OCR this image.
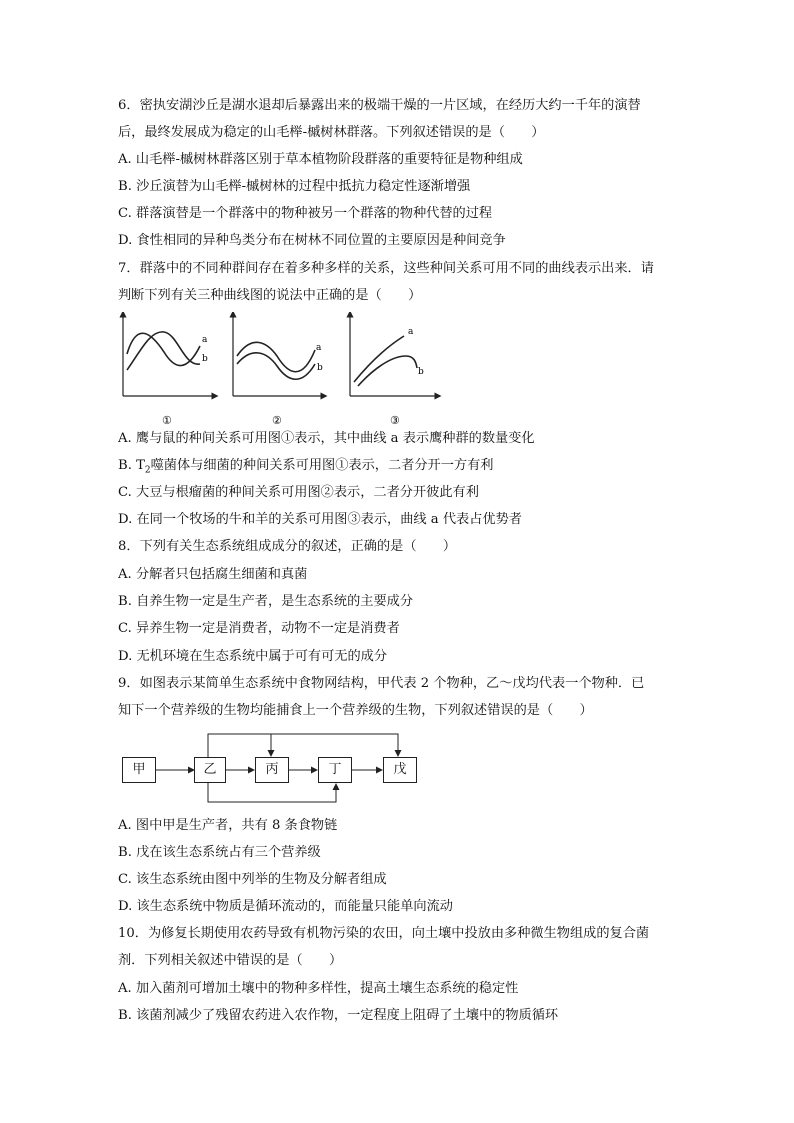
6．密执安湖沙丘是湖水退却后暴露出来的极端干燥的一片区域，在经历大约一千年的演替
后，最终发展成为稳定的山毛榉-槭树林群落。下列叙述错误的是（　　）
A. 山毛榉-槭树林群落区别于草本植物阶段群落的重要特征是物种组成
B. 沙丘演替为山毛榉-槭树林的过程中抵抗力稳定性逐渐增强
C. 群落演替是一个群落中的物种被另一个群落的物种代替的过程
D. 食性相同的异种鸟类分布在树林不同位置的主要原因是种间竞争
7．群落中的不同种群间存在着多种多样的关系，这些种间关系可用不同的曲线表示出来．请
判断下列有关三种曲线图的说法中正确的是（　　）
a
b
①
a
b
②
a
b
③
A. 鹰与鼠的种间关系可用图①表示，其中曲线 a 表示鹰种群的数量变化
B. $T_2$噬菌体与细菌的种间关系可用图①表示，二者分开一方有利
C. 大豆与根瘤菌的种间关系可用图②表示，二者分开彼此有利
D. 在同一个牧场的牛和羊的关系可用图③表示，曲线 a 代表占优势者
8．下列有关生态系统组成成分的叙述，正确的是（　　）
A. 分解者只包括腐生细菌和真菌
B. 自养生物一定是生产者，是生态系统的主要成分
C. 异养生物一定是消费者，动物不一定是消费者
D. 无机环境在生态系统中属于可有可无的成分
9．如图表示某简单生态系统中食物网结构，甲代表 2 个物种，乙～戊均代表一个物种．已
知下一个营养级的生物均能捕食上一个营养级的生物，下列叙述错误的是（　　）
甲	乙	丙	丁	戊
A. 图中甲是生产者，共有 8 条食物链
B. 戊在该生态系统占有三个营养级
C. 该生态系统由图中列举的生物及分解者组成
D. 该生态系统中物质是循环流动的，而能量只能单向流动
10．为修复长期使用农药导致有机物污染的农田，向土壤中投放由多种微生物组成的复合菌
剂．下列相关叙述中错误的是（　　）
A. 加入菌剂可增加土壤中的物种多样性，提高土壤生态系统的稳定性
B. 该菌剂减少了残留农药进入农作物，一定程度上阻碍了土壤中的物质循环
